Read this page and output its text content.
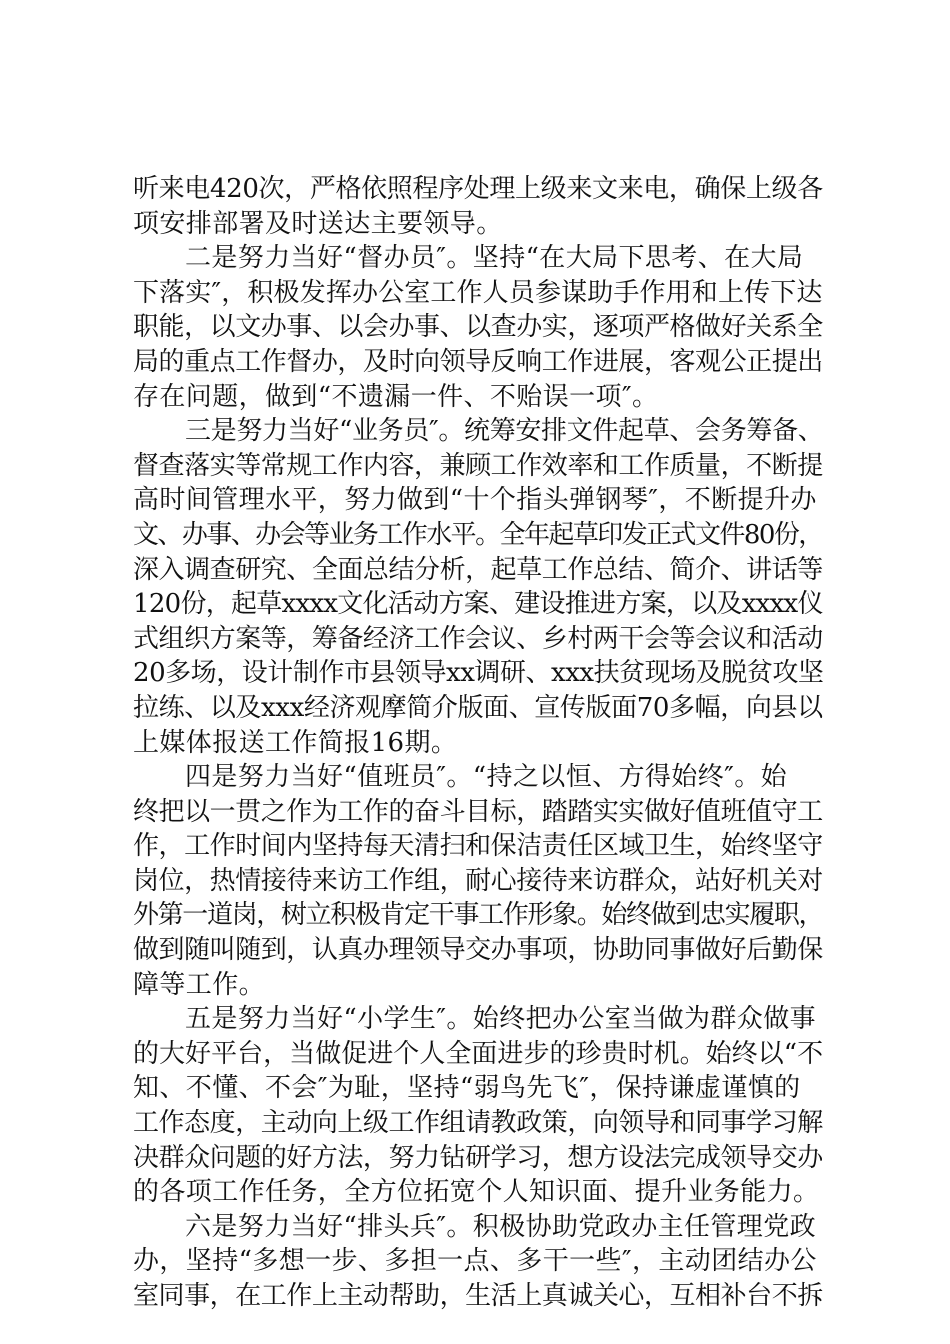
听来电420次，严格依照程序处理上级来文来电，确保上级各
项安排部署及时送达主要领导。
二是努力当好“督办员″。坚持“在大局下思考、在大局
下落实″，积极发挥办公室工作人员参谋助手作用和上传下达
职能，以文办事、以会办事、以查办实，逐项严格做好关系全
局的重点工作督办，及时向领导反响工作进展，客观公正提出
存在问题，做到“不遗漏一件、不贻误一项″。
三是努力当好“业务员″。统筹安排文件起草、会务筹备、
督查落实等常规工作内容，兼顾工作效率和工作质量，不断提
高时间管理水平，努力做到“十个指头弹钢琴″，不断提升办
文、办事、办会等业务工作水平。全年起草印发正式文件80份，
深入调查研究、全面总结分析，起草工作总结、简介、讲话等
120份，起草xxxx文化活动方案、建设推进方案，以及xxxx仪
式组织方案等，筹备经济工作会议、乡村两干会等会议和活动
20多场，设计制作市县领导xx调研、xxx扶贫现场及脱贫攻坚
拉练、以及xxx经济观摩简介版面、宣传版面70多幅，向县以
上媒体报送工作简报16期。
四是努力当好“值班员″。“持之以恒、方得始终″。始
终把以一贯之作为工作的奋斗目标，踏踏实实做好值班值守工
作，工作时间内坚持每天清扫和保洁责任区域卫生，始终坚守
岗位，热情接待来访工作组，耐心接待来访群众，站好机关对
外第一道岗，树立积极肯定干事工作形象。始终做到忠实履职，
做到随叫随到，认真办理领导交办事项，协助同事做好后勤保
障等工作。
五是努力当好“小学生″。始终把办公室当做为群众做事
的大好平台，当做促进个人全面进步的珍贵时机。始终以“不
知、不懂、不会″为耻，坚持“弱鸟先飞″，保持谦虚谨慎的
工作态度，主动向上级工作组请教政策，向领导和同事学习解
决群众问题的好方法，努力钻研学习，想方设法完成领导交办
的各项工作任务，全方位拓宽个人知识面、提升业务能力。
六是努力当好“排头兵″。积极协助党政办主任管理党政
办，坚持“多想一步、多担一点、多干一些″，主动团结办公
室同事，在工作上主动帮助，生活上真诚关心，互相补台不拆
